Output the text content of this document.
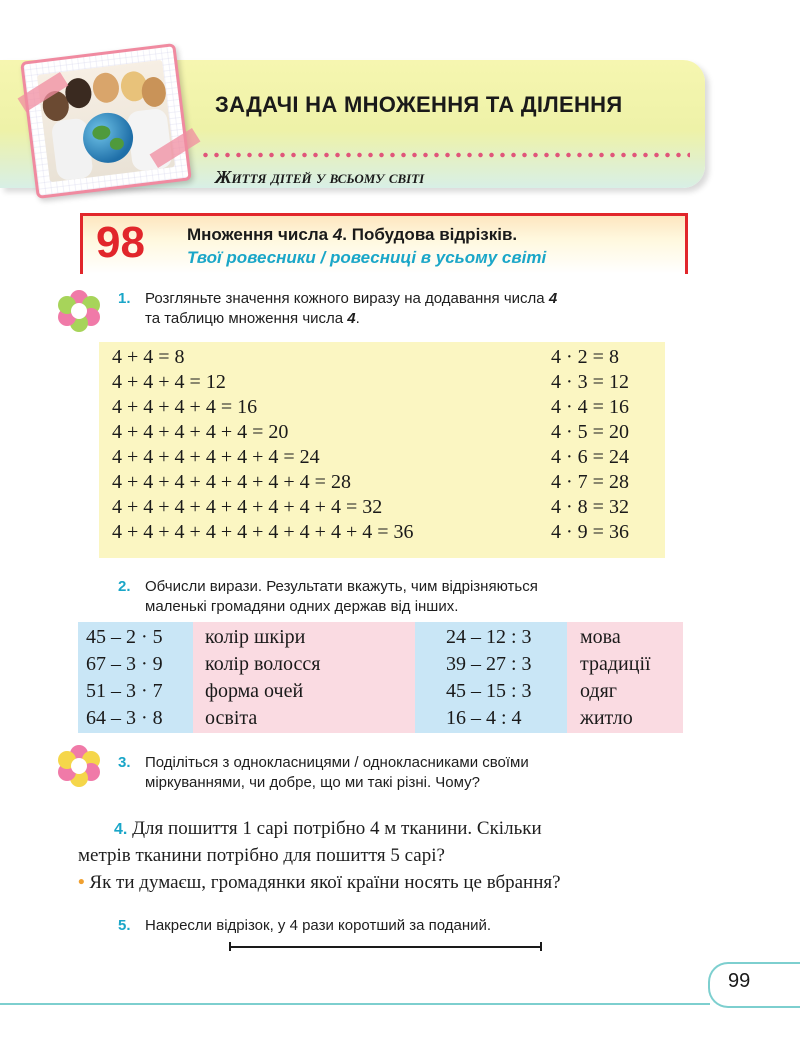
ЗАДАЧІ НА МНОЖЕННЯ ТА ДІЛЕННЯ
Життя дітей у всьому світі
98 Множення числа 4. Побудова відрізків.
Твої ровесники / ровесниці в усьому світі
1. Розгляньте значення кожного виразу на додавання числа 4
та таблицю множення числа 4.
4 + 4 = 8
4 + 4 + 4 = 12
4 + 4 + 4 + 4 = 16
4 + 4 + 4 + 4 + 4 = 20
4 + 4 + 4 + 4 + 4 + 4 = 24
4 + 4 + 4 + 4 + 4 + 4 + 4 = 28
4 + 4 + 4 + 4 + 4 + 4 + 4 + 4 = 32
4 + 4 + 4 + 4 + 4 + 4 + 4 + 4 + 4 = 36
4 · 2 = 8
4 · 3 = 12
4 · 4 = 16
4 · 5 = 20
4 · 6 = 24
4 · 7 = 28
4 · 8 = 32
4 · 9 = 36
2. Обчисли вирази. Результати вкажуть, чим відрізняються
маленькі громадяни одних держав від інших.
45 – 2 · 5
67 – 3 · 9
51 – 3 · 7
64 – 3 · 8
колір шкіри
колір волосся
форма очей
освіта
24 – 12 : 3
39 – 27 : 3
45 – 15 : 3
16 – 4 : 4
мова
традиції
одяг
житло
3. Поділіться з однокласницями / однокласниками своїми
міркуваннями, чи добре, що ми такі різні. Чому?
4. Для пошиття 1 сарі потрібно 4 м тканини. Скільки
метрів тканини потрібно для пошиття 5 сарі?
• Як ти думаєш, громадянки якої країни носять це вбрання?
5. Накресли відрізок, у 4 рази коротший за поданий.
99
